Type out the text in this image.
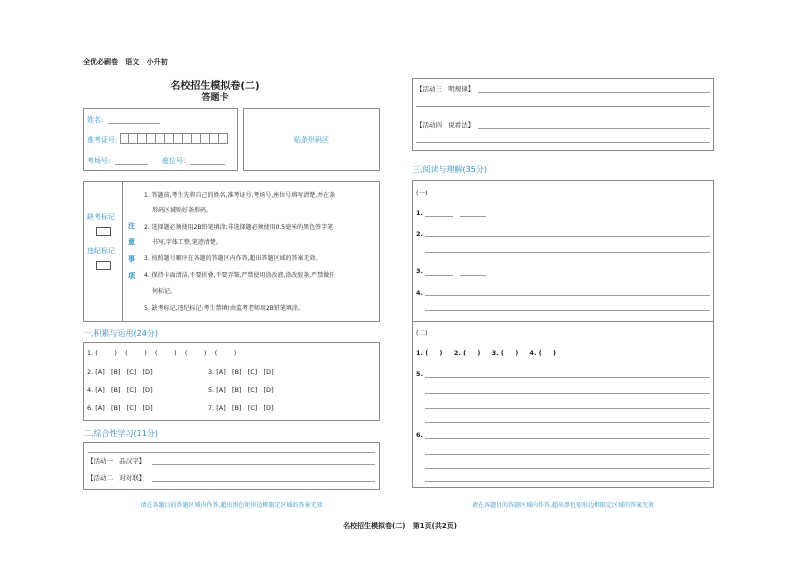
全优必刷卷   语文   小升初
名校招生模拟卷(二)
答题卡
姓名:
准考证号:
考场号:	座位号:
贴条形码区
缺考标记
违纪标记
注
意
事
项
1. 答题前,考生先将自己的姓名,准考证号,考场号,座位号填写清楚,并在条
形码区域贴好条形码。
2. 选择题必须使用2B铅笔填涂;非选择题必须使用0.5毫米的黑色签字笔
书写,字体工整,笔迹清楚。
3. 按照题号顺序在各题的答题区内作答,超出答题区域的答案无效。
4. 保持卡面清洁,不要折叠,不要弄皱,严禁使用涂改液,涂改胶条,严禁做任
何标记。
5. 缺考标记,违纪标记:考生禁填!由监考老师用2B铅笔填涂。
一,积累与运用(24分)
1. (        )    (        )    (        )    (        )    (        )
2. [A]   [B]   [C]   [D]
4. [A]   [B]   [C]   [D]
6. [A]   [B]   [C]   [D]
3. [A]   [B]   [C]   [D]
5. [A]   [B]   [C]   [D]
7. [A]   [B]   [C]   [D]
二,综合性学习(11分)
【活动一   品汉字】
【活动二   对对联】
请在各题目的答题区域内作答,超出黑色矩形边框限定区域的答案无效
【活动三   明规律】
【活动四   说看法】
三,阅读与理解(35分)
(一)
1.
2.
3.
4.
(二)
1. (     )     2. (     )     3. (     )     4. (     )
5.
6.
请在各题目的答题区域内作答,超出黑色矩形边框限定区域的答案无效
名校招生模拟卷(二)   第1页(共2页)
